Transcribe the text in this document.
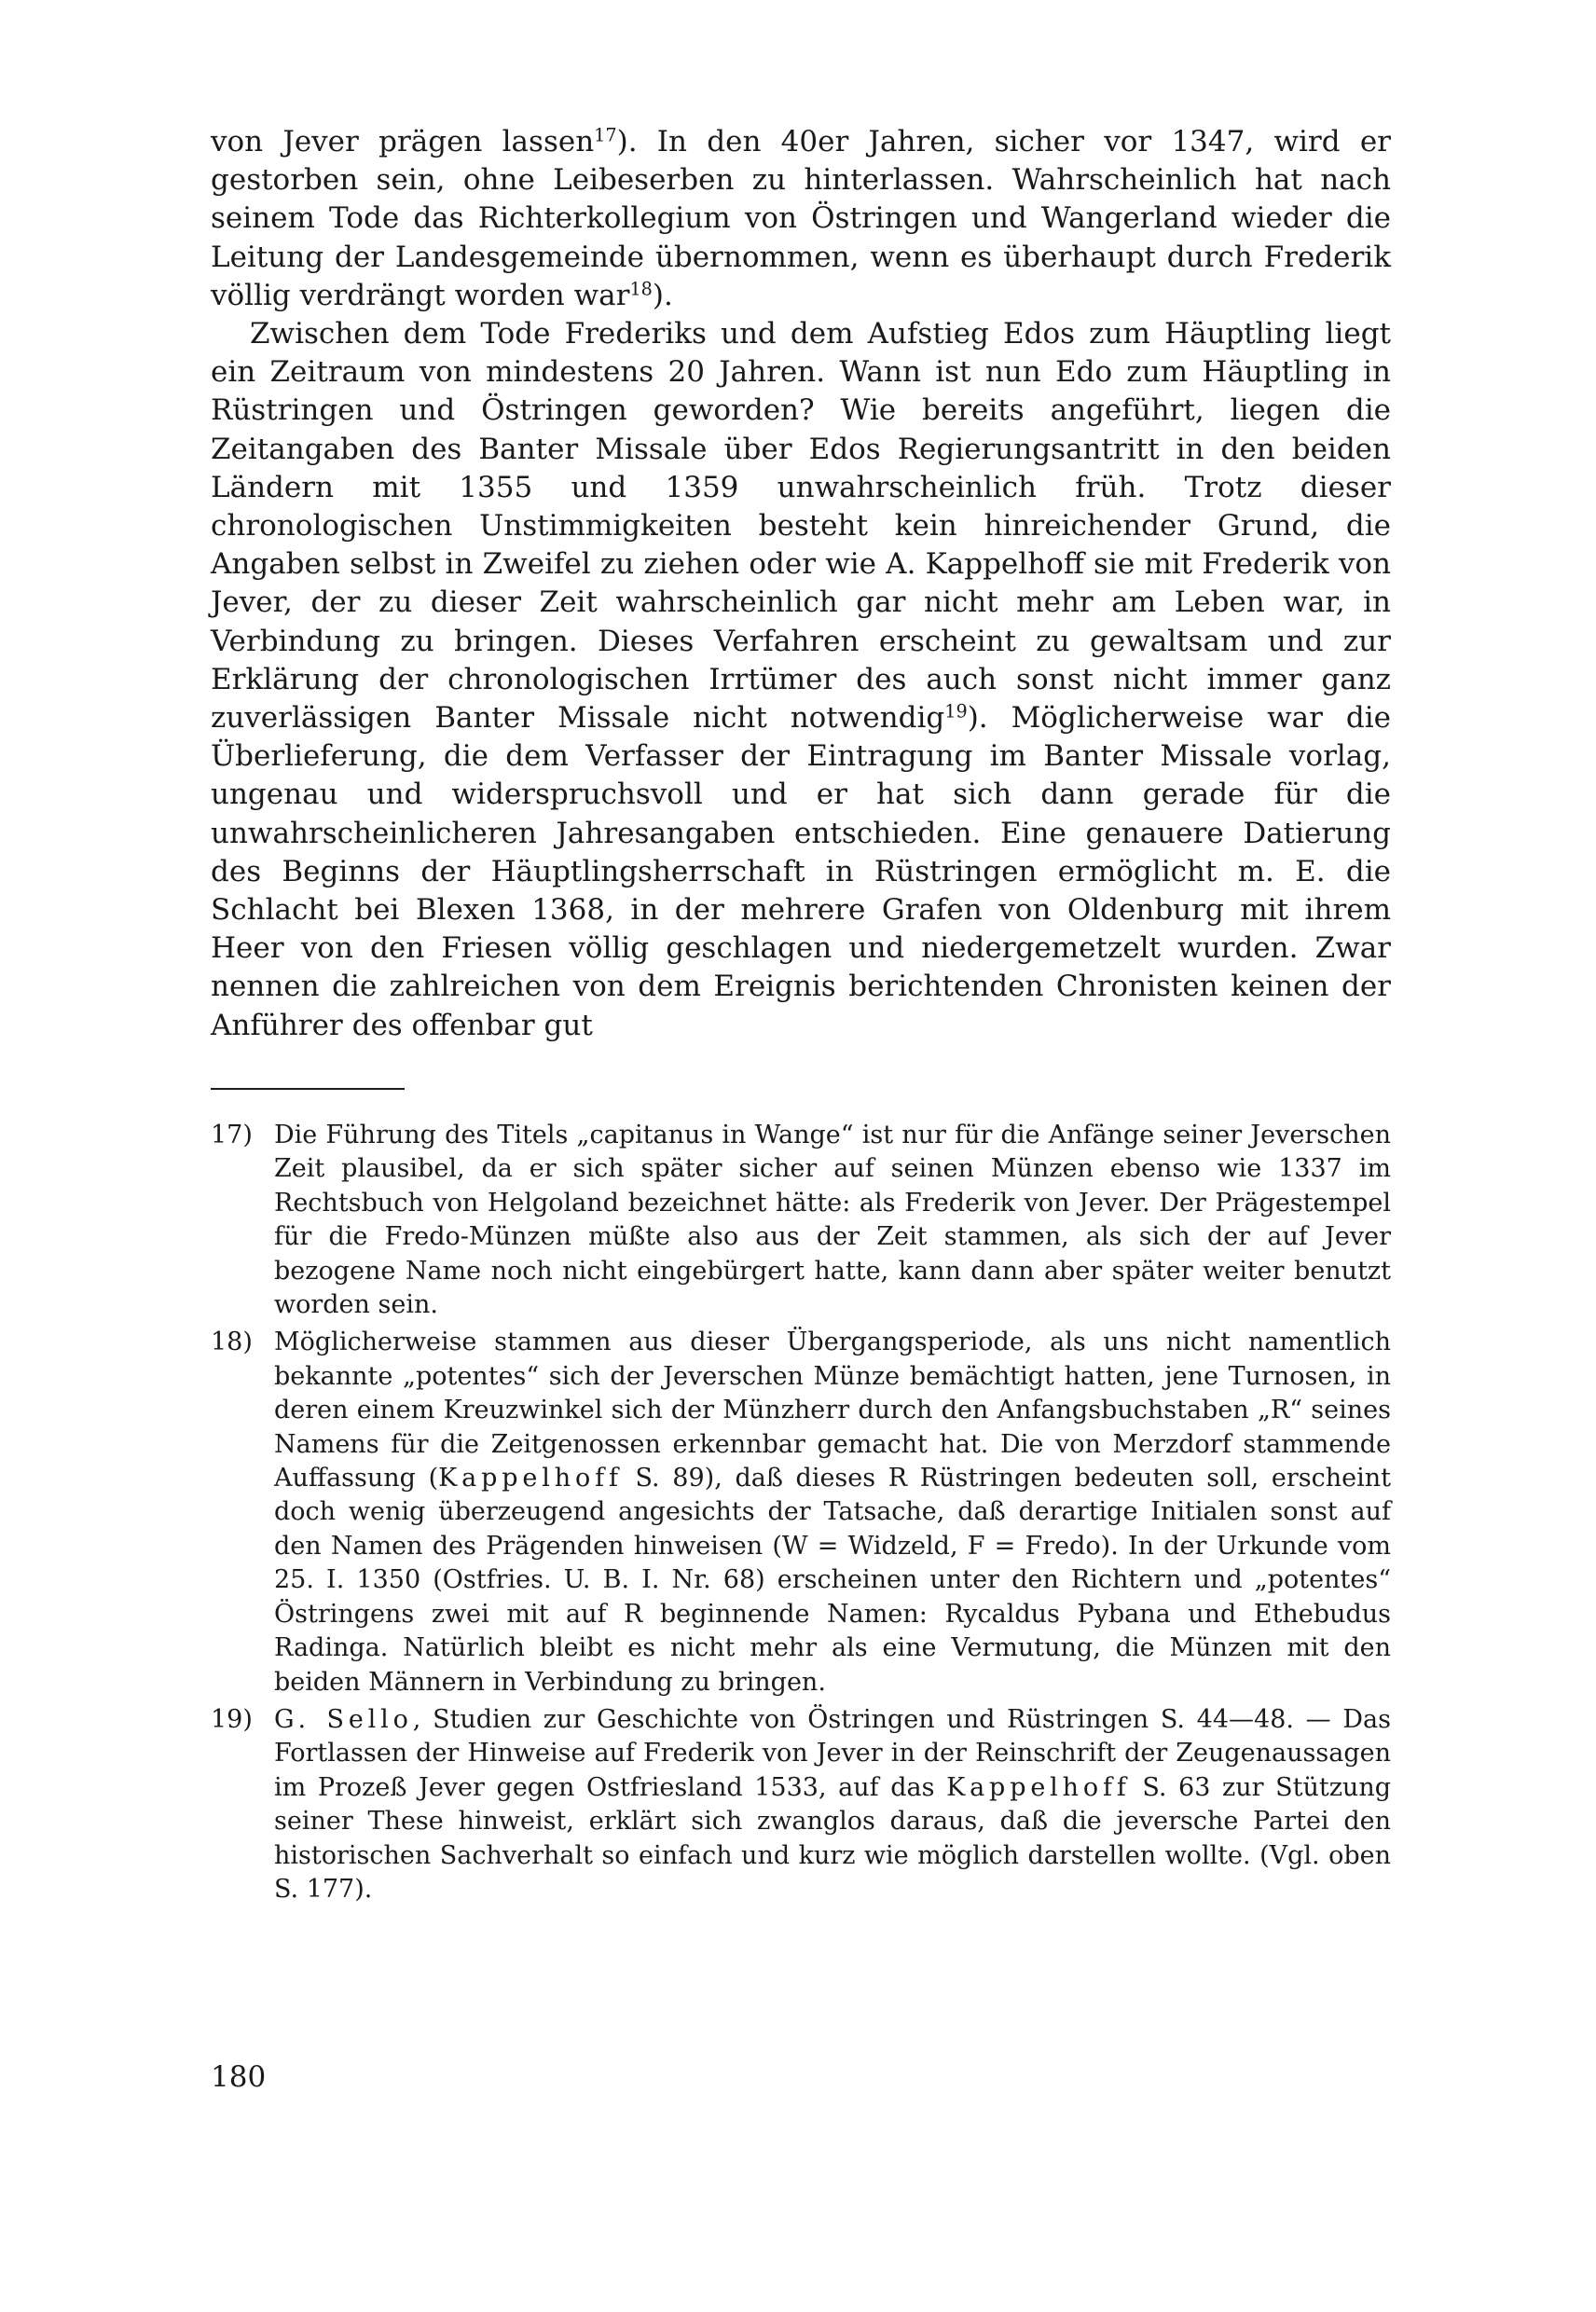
von Jever prägen lassen$^{17}$). In den 40er Jahren, sicher vor 1347, wird er gestorben sein, ohne Leibeserben zu hinterlassen. Wahrscheinlich hat nach seinem Tode das Richterkollegium von Östringen und Wangerland wieder die Leitung der Landesgemeinde übernommen, wenn es überhaupt durch Frederik völlig verdrängt worden war$^{18}$).

Zwischen dem Tode Frederiks und dem Aufstieg Edos zum Häuptling liegt ein Zeitraum von mindestens 20 Jahren. Wann ist nun Edo zum Häuptling in Rüstringen und Östringen geworden? Wie bereits angeführt, liegen die Zeitangaben des Banter Missale über Edos Regierungsantritt in den beiden Ländern mit 1355 und 1359 unwahrscheinlich früh. Trotz dieser chronologischen Unstimmigkeiten besteht kein hinreichender Grund, die Angaben selbst in Zweifel zu ziehen oder wie A. Kappelhoff sie mit Frederik von Jever, der zu dieser Zeit wahrscheinlich gar nicht mehr am Leben war, in Verbindung zu bringen. Dieses Verfahren erscheint zu gewaltsam und zur Erklärung der chronologischen Irrtümer des auch sonst nicht immer ganz zuverlässigen Banter Missale nicht notwendig$^{19}$). Möglicherweise war die Überlieferung, die dem Verfasser der Eintragung im Banter Missale vorlag, ungenau und widerspruchsvoll und er hat sich dann gerade für die unwahrscheinlicheren Jahresangaben entschieden. Eine genauere Datierung des Beginns der Häuptlingsherrschaft in Rüstringen ermöglicht m. E. die Schlacht bei Blexen 1368, in der mehrere Grafen von Oldenburg mit ihrem Heer von den Friesen völlig geschlagen und niedergemetzelt wurden. Zwar nennen die zahlreichen von dem Ereignis berichtenden Chronisten keinen der Anführer des offenbar gut

17) Die Führung des Titels „capitanus in Wange“ ist nur für die Anfänge seiner Jeverschen Zeit plausibel, da er sich später sicher auf seinen Münzen ebenso wie 1337 im Rechtsbuch von Helgoland bezeichnet hätte: als Frederik von Jever. Der Prägestempel für die Fredo-Münzen müßte also aus der Zeit stammen, als sich der auf Jever bezogene Name noch nicht eingebürgert hatte, kann dann aber später weiter benutzt worden sein.
18) Möglicherweise stammen aus dieser Übergangsperiode, als uns nicht namentlich bekannte „potentes“ sich der Jeverschen Münze bemächtigt hatten, jene Turnosen, in deren einem Kreuzwinkel sich der Münzherr durch den Anfangsbuchstaben „R“ seines Namens für die Zeitgenossen erkennbar gemacht hat. Die von Merzdorf stammende Auffassung (Kappelhoff S. 89), daß dieses R Rüstringen bedeuten soll, erscheint doch wenig überzeugend angesichts der Tatsache, daß derartige Initialen sonst auf den Namen des Prägenden hinweisen (W = Widzeld, F = Fredo). In der Urkunde vom 25. I. 1350 (Ostfries. U. B. I. Nr. 68) erscheinen unter den Richtern und „potentes“ Östringens zwei mit auf R beginnende Namen: Rycaldus Pybana und Ethebudus Radinga. Natürlich bleibt es nicht mehr als eine Vermutung, die Münzen mit den beiden Männern in Verbindung zu bringen.
19) G. Sello, Studien zur Geschichte von Östringen und Rüstringen S. 44—48. — Das Fortlassen der Hinweise auf Frederik von Jever in der Reinschrift der Zeugenaussagen im Prozeß Jever gegen Ostfriesland 1533, auf das Kappelhoff S. 63 zur Stützung seiner These hinweist, erklärt sich zwanglos daraus, daß die jeversche Partei den historischen Sachverhalt so einfach und kurz wie möglich darstellen wollte. (Vgl. oben S. 177).
180
